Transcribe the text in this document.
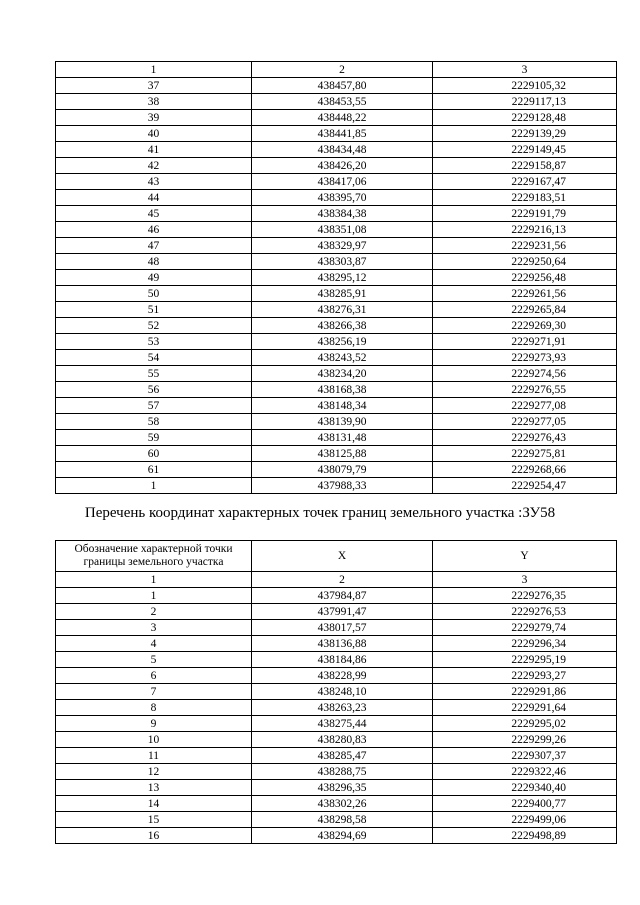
1	2	3
37	438457,80	2229105,32
38	438453,55	2229117,13
39	438448,22	2229128,48
40	438441,85	2229139,29
41	438434,48	2229149,45
42	438426,20	2229158,87
43	438417,06	2229167,47
44	438395,70	2229183,51
45	438384,38	2229191,79
46	438351,08	2229216,13
47	438329,97	2229231,56
48	438303,87	2229250,64
49	438295,12	2229256,48
50	438285,91	2229261,56
51	438276,31	2229265,84
52	438266,38	2229269,30
53	438256,19	2229271,91
54	438243,52	2229273,93
55	438234,20	2229274,56
56	438168,38	2229276,55
57	438148,34	2229277,08
58	438139,90	2229277,05
59	438131,48	2229276,43
60	438125,88	2229275,81
61	438079,79	2229268,66
1	437988,33	2229254,47
Перечень координат характерных точек границ земельного участка :ЗУ58
Обозначение характерной точки границы земельного участка	X	Y
1	2	3
1	437984,87	2229276,35
2	437991,47	2229276,53
3	438017,57	2229279,74
4	438136,88	2229296,34
5	438184,86	2229295,19
6	438228,99	2229293,27
7	438248,10	2229291,86
8	438263,23	2229291,64
9	438275,44	2229295,02
10	438280,83	2229299,26
11	438285,47	2229307,37
12	438288,75	2229322,46
13	438296,35	2229340,40
14	438302,26	2229400,77
15	438298,58	2229499,06
16	438294,69	2229498,89
